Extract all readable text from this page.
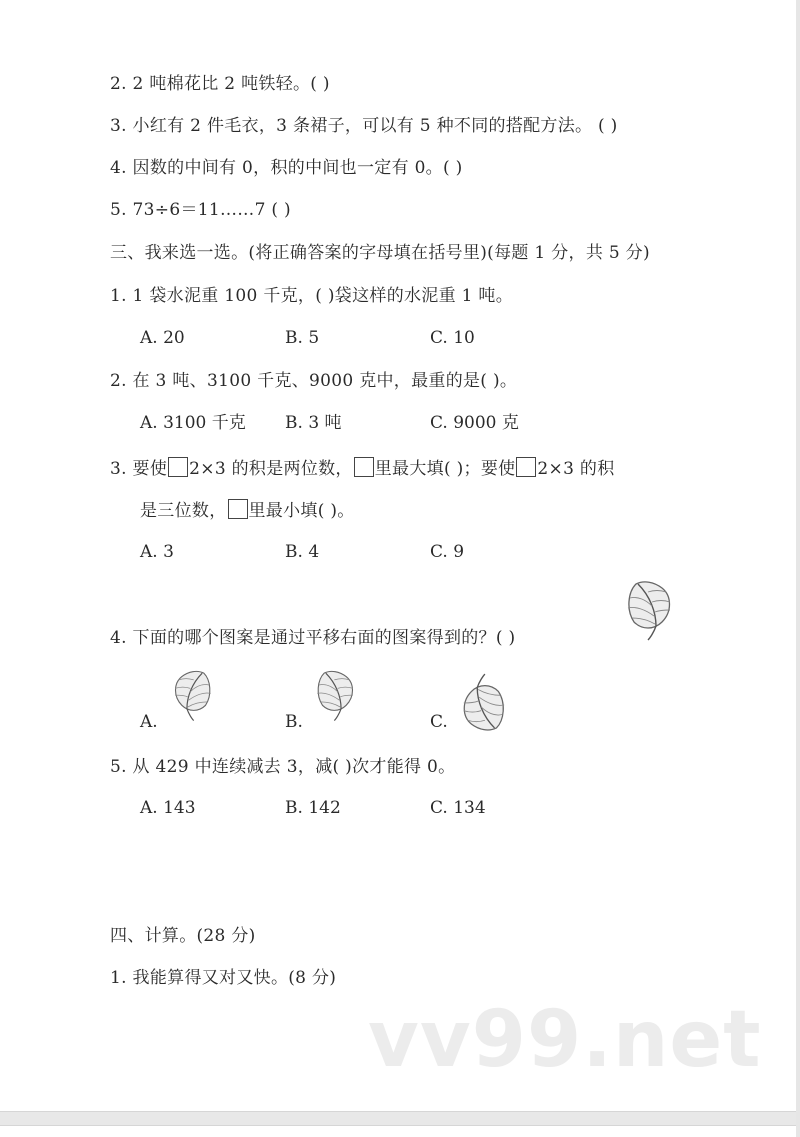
2. 2 吨棉花比 2 吨铁轻。( )
3. 小红有 2 件毛衣，3 条裙子，可以有 5 种不同的搭配方法。 ( )
4. 因数的中间有 0，积的中间也一定有 0。( )
5. 73÷6＝11……7 ( )
三、我来选一选。(将正确答案的字母填在括号里)(每题 1 分，共 5 分)
1. 1 袋水泥重 100 千克，( )袋这样的水泥重 1 吨。
A. 20	B. 5	C. 10
2. 在 3 吨、3100 千克、9000 克中，最重的是( )。
A. 3100 千克 B. 3 吨	C. 9000 克
3. 要使 2×3 的积是两位数， 里最大填( )；要使 2×3 的积
是三位数， 里最小填( )。
A. 3	B. 4	C. 9
4. 下面的哪个图案是通过平移右面的图案得到的？( )
A.	B.	C.
5. 从 429 中连续减去 3，减( )次才能得 0。
A. 143	B. 142	C. 134
四、计算。(28 分)
1. 我能算得又对又快。(8 分)
vv99.net
